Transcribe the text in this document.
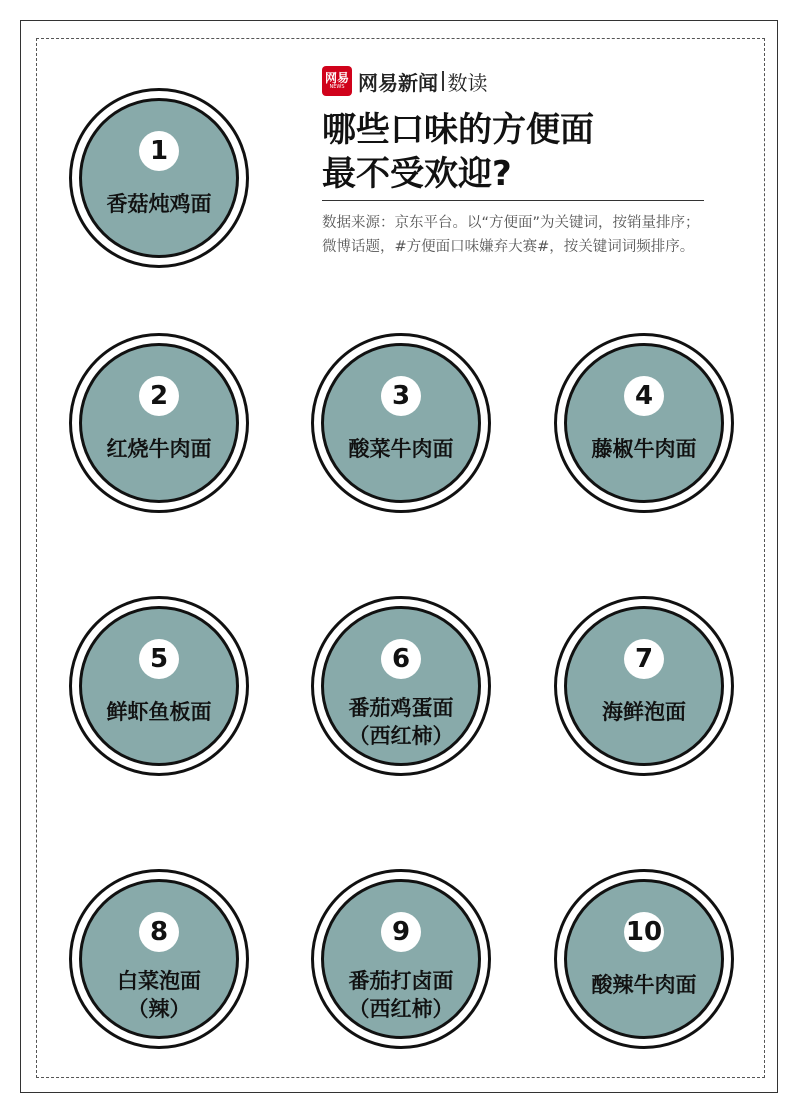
网易
NEWS 网易新闻 数读
哪些口味的方便面
最不受欢迎?
数据来源：京东平台。以“方便面”为关键词，按销量排序；微博话题，#方便面口味嫌弃大赛#，按关键词词频排序。
1
香菇炖鸡面
2
红烧牛肉面
3
酸菜牛肉面
4
藤椒牛肉面
5
鲜虾鱼板面
6
番茄鸡蛋面
（西红柿）
7
海鲜泡面
8
白菜泡面
（辣）
9
番茄打卤面
（西红柿）
10
酸辣牛肉面
